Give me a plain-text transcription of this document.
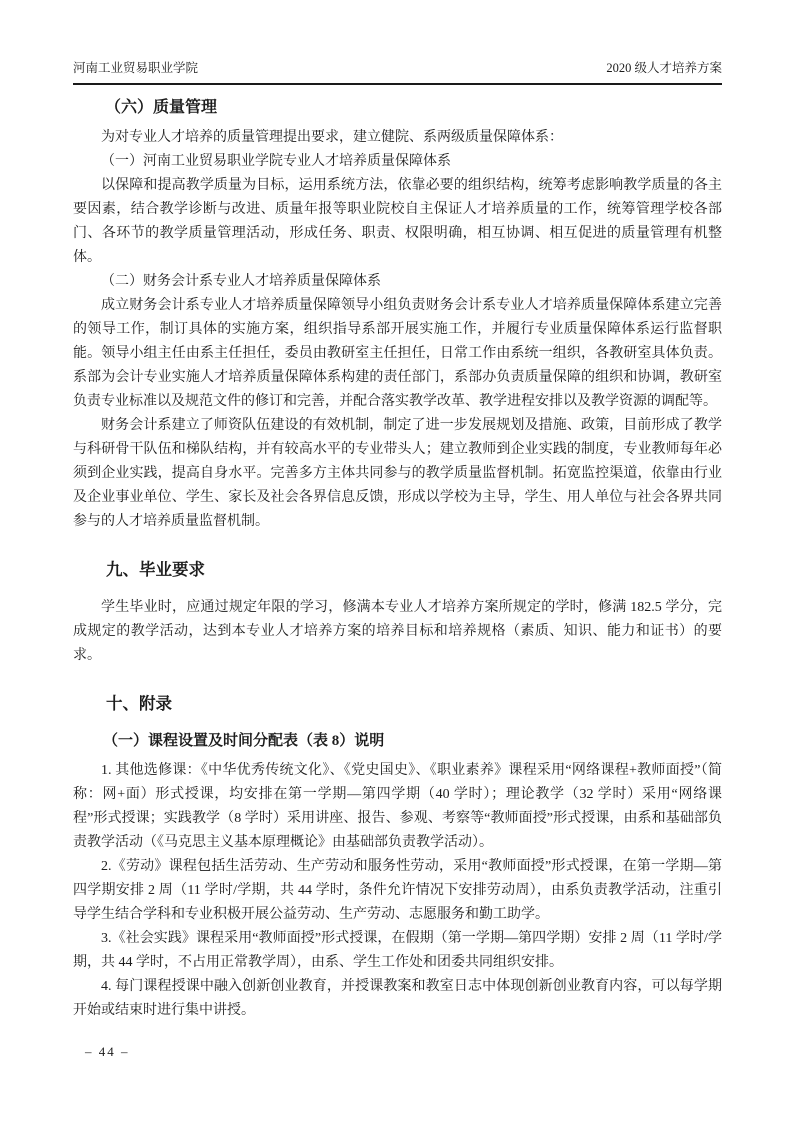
河南工业贸易职业学院	2020 级人才培养方案
（六）质量管理

为对专业人才培养的质量管理提出要求，建立健院、系两级质量保障体系：

（一）河南工业贸易职业学院专业人才培养质量保障体系

以保障和提高教学质量为目标，运用系统方法，依靠必要的组织结构，统筹考虑影响教学质量的各主要因素，结合教学诊断与改进、质量年报等职业院校自主保证人才培养质量的工作，统筹管理学校各部门、各环节的教学质量管理活动，形成任务、职责、权限明确，相互协调、相互促进的质量管理有机整体。

（二）财务会计系专业人才培养质量保障体系

成立财务会计系专业人才培养质量保障领导小组负责财务会计系专业人才培养质量保障体系建立完善的领导工作，制订具体的实施方案，组织指导系部开展实施工作，并履行专业质量保障体系运行监督职能。领导小组主任由系主任担任，委员由教研室主任担任，日常工作由系统一组织，各教研室具体负责。系部为会计专业实施人才培养质量保障体系构建的责任部门，系部办负责质量保障的组织和协调，教研室负责专业标准以及规范文件的修订和完善，并配合落实教学改革、教学进程安排以及教学资源的调配等。

财务会计系建立了师资队伍建设的有效机制，制定了进一步发展规划及措施、政策，目前形成了教学与科研骨干队伍和梯队结构，并有较高水平的专业带头人；建立教师到企业实践的制度，专业教师每年必须到企业实践，提高自身水平。完善多方主体共同参与的教学质量监督机制。拓宽监控渠道，依靠由行业及企业事业单位、学生、家长及社会各界信息反馈，形成以学校为主导，学生、用人单位与社会各界共同参与的人才培养质量监督机制。

九、毕业要求

学生毕业时，应通过规定年限的学习，修满本专业人才培养方案所规定的学时，修满 182.5 学分，完成规定的教学活动，达到本专业人才培养方案的培养目标和培养规格（素质、知识、能力和证书）的要求。

十、附录
（一）课程设置及时间分配表（表 8）说明

1. 其他选修课：《中华优秀传统文化》、《党史国史》、《职业素养》课程采用“网络课程+教师面授”（简称：网+面）形式授课，均安排在第一学期—第四学期（40 学时）；理论教学（32 学时）采用“网络课程”形式授课；实践教学（8 学时）采用讲座、报告、参观、考察等“教师面授”形式授课，由系和基础部负责教学活动（《马克思主义基本原理概论》由基础部负责教学活动）。

2.《劳动》课程包括生活劳动、生产劳动和服务性劳动，采用“教师面授”形式授课，在第一学期—第四学期安排 2 周（11 学时/学期，共 44 学时，条件允许情况下安排劳动周），由系负责教学活动，注重引导学生结合学科和专业积极开展公益劳动、生产劳动、志愿服务和勤工助学。

3.《社会实践》课程采用“教师面授”形式授课，在假期（第一学期—第四学期）安排 2 周（11 学时/学期，共 44 学时，不占用正常教学周），由系、学生工作处和团委共同组织安排。

4. 每门课程授课中融入创新创业教育，并授课教案和教室日志中体现创新创业教育内容，可以每学期开始或结束时进行集中讲授。

– 44 –
